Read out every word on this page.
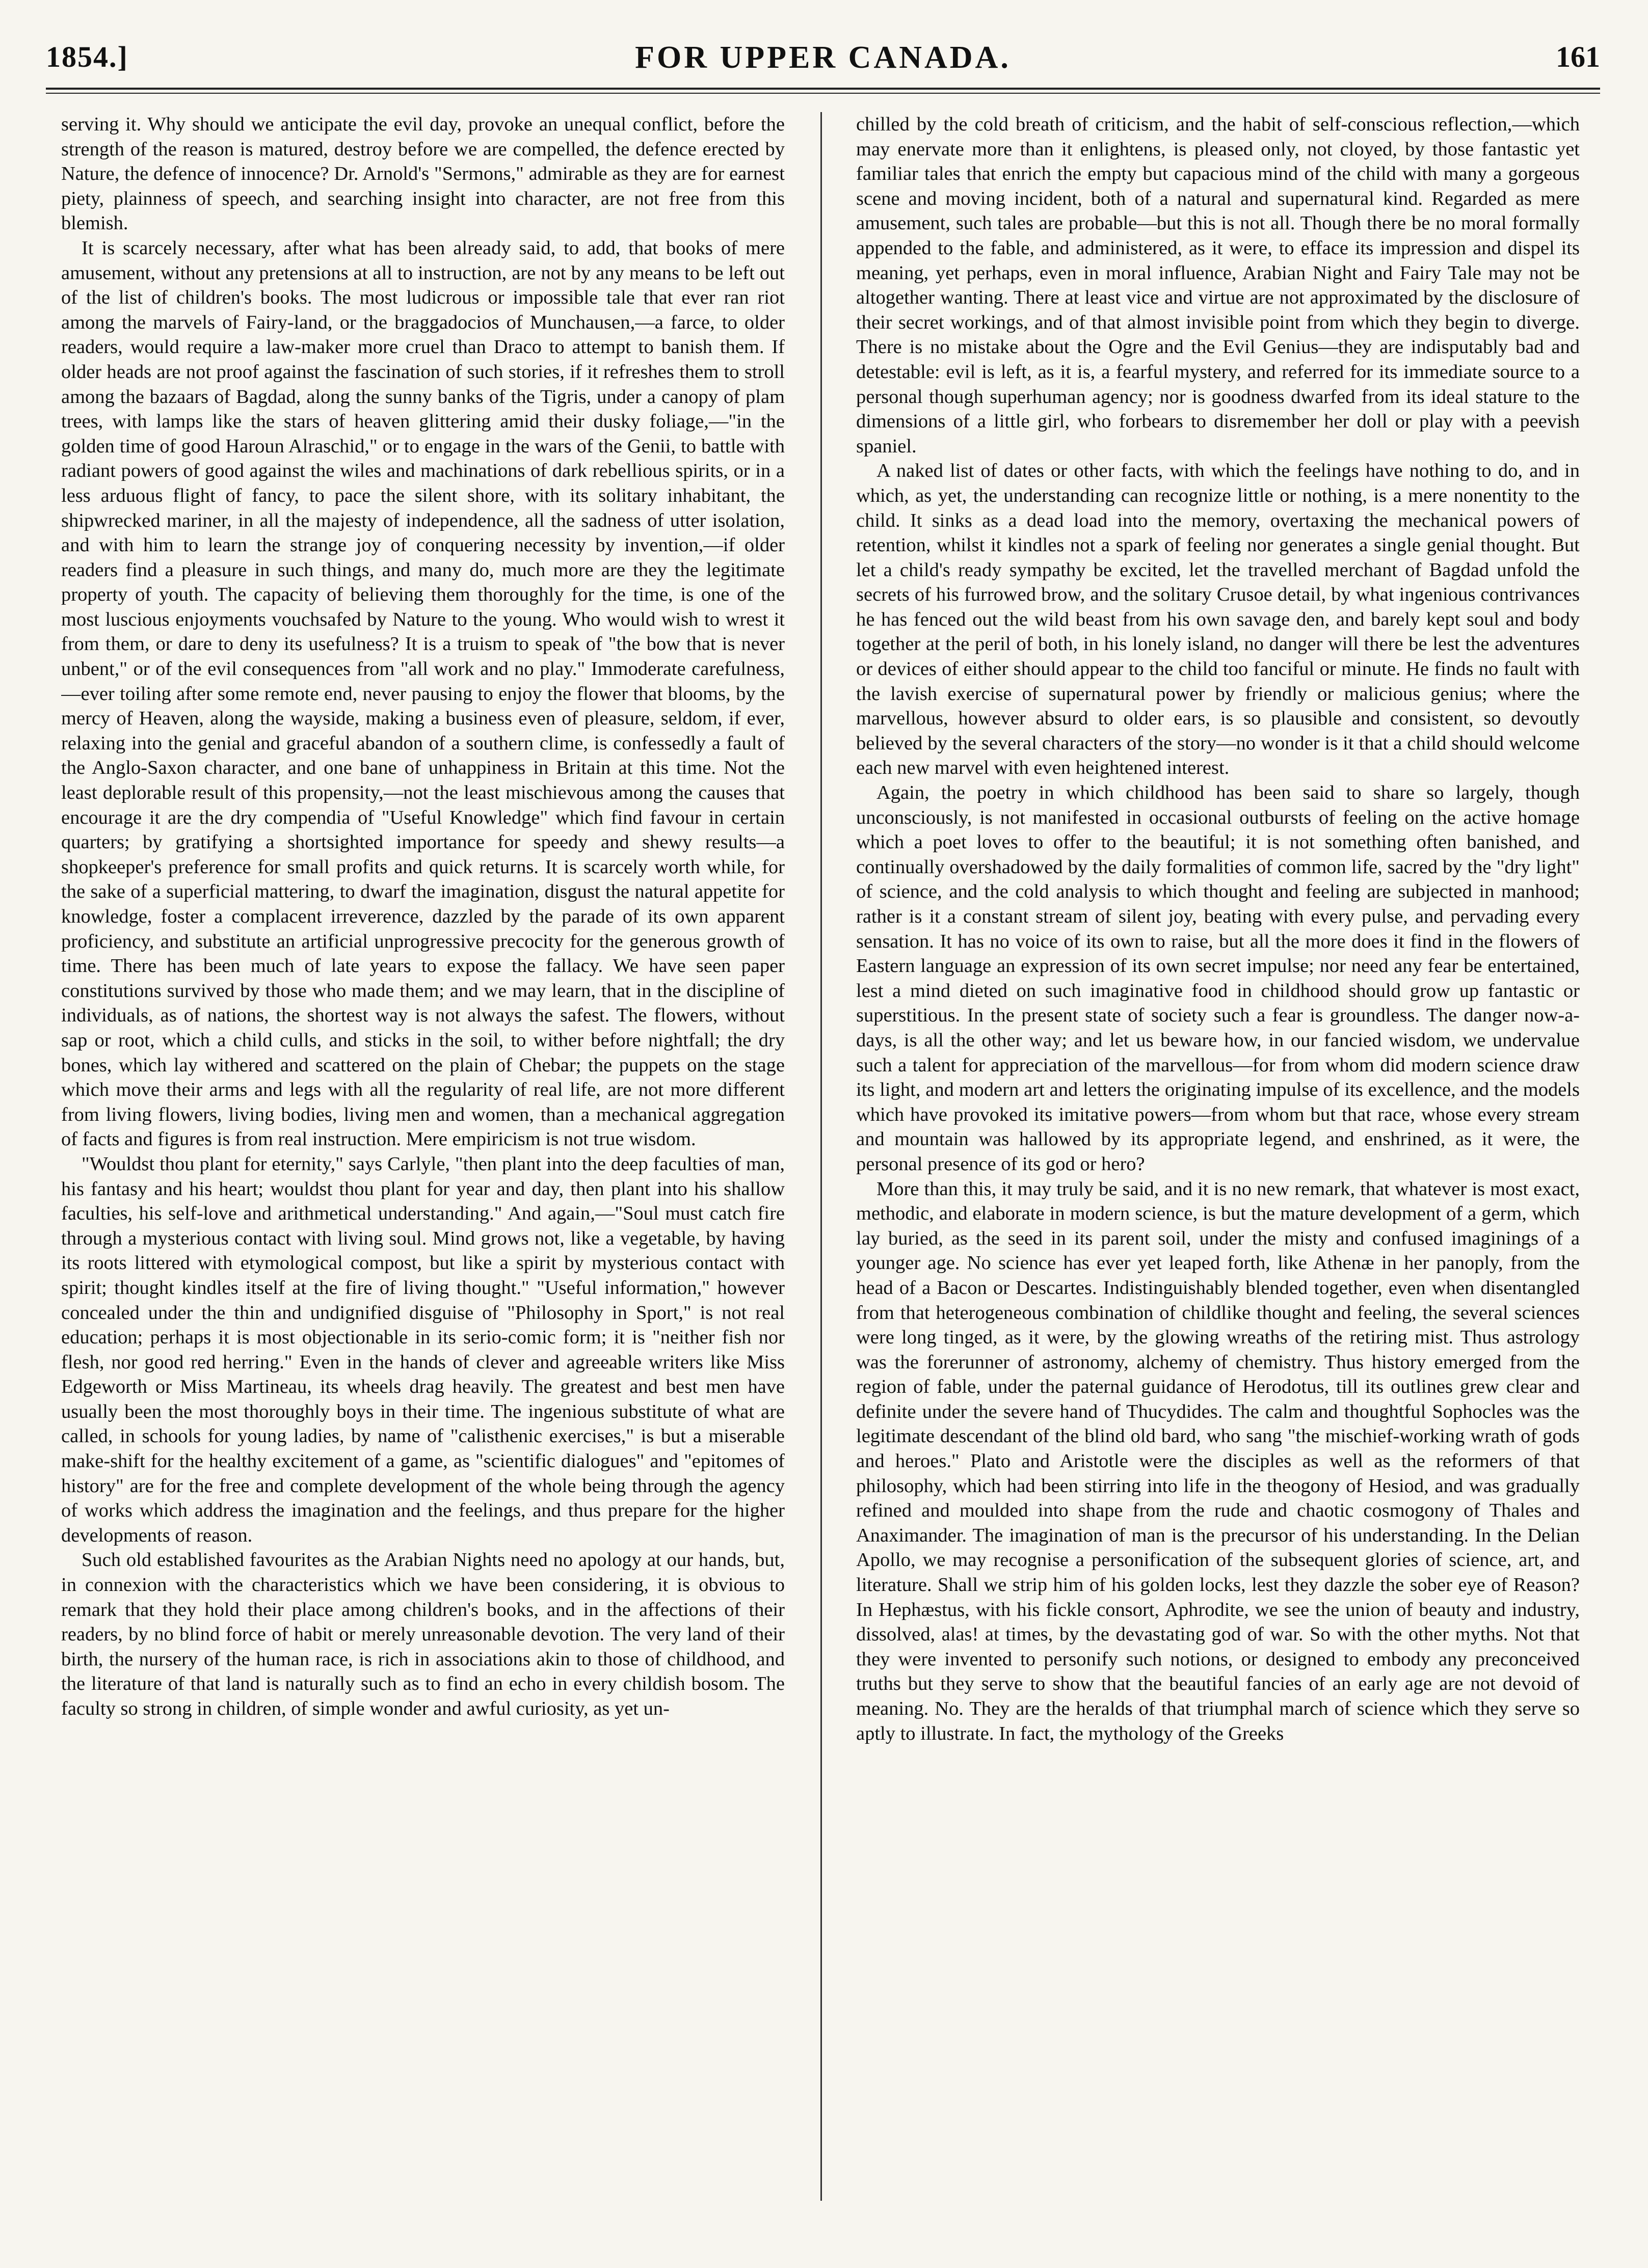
1854.]	FOR UPPER CANADA.	161

serving it. Why should we anticipate the evil day, provoke an unequal conflict, before the strength of the reason is matured, destroy before we are compelled, the defence erected by Nature, the defence of innocence? Dr. Arnold's "Sermons," admirable as they are for earnest piety, plainness of speech, and searching insight into character, are not free from this blemish.

It is scarcely necessary, after what has been already said, to add, that books of mere amusement, without any pretensions at all to instruction, are not by any means to be left out of the list of children's books. The most ludicrous or impossible tale that ever ran riot among the marvels of Fairy-land, or the braggadocios of Munchausen,—a farce, to older readers, would require a law-maker more cruel than Draco to attempt to banish them. If older heads are not proof against the fascination of such stories, if it refreshes them to stroll among the bazaars of Bagdad, along the sunny banks of the Tigris, under a canopy of plam trees, with lamps like the stars of heaven glittering amid their dusky foliage,—"in the golden time of good Haroun Alraschid," or to engage in the wars of the Genii, to battle with radiant powers of good against the wiles and machinations of dark rebellious spirits, or in a less arduous flight of fancy, to pace the silent shore, with its solitary inhabitant, the shipwrecked mariner, in all the majesty of independence, all the sadness of utter isolation, and with him to learn the strange joy of conquering necessity by invention,—if older readers find a pleasure in such things, and many do, much more are they the legitimate property of youth. The capacity of believing them thoroughly for the time, is one of the most luscious enjoyments vouchsafed by Nature to the young. Who would wish to wrest it from them, or dare to deny its usefulness? It is a truism to speak of "the bow that is never unbent," or of the evil consequences from "all work and no play." Immoderate carefulness,—ever toiling after some remote end, never pausing to enjoy the flower that blooms, by the mercy of Heaven, along the wayside, making a business even of pleasure, seldom, if ever, relaxing into the genial and graceful abandon of a southern clime, is confessedly a fault of the Anglo-Saxon character, and one bane of unhappiness in Britain at this time. Not the least deplorable result of this propensity,—not the least mischievous among the causes that encourage it are the dry compendia of "Useful Knowledge" which find favour in certain quarters; by gratifying a shortsighted importance for speedy and shewy results—a shopkeeper's preference for small profits and quick returns. It is scarcely worth while, for the sake of a superficial mattering, to dwarf the imagination, disgust the natural appetite for knowledge, foster a complacent irreverence, dazzled by the parade of its own apparent proficiency, and substitute an artificial unprogressive precocity for the generous growth of time. There has been much of late years to expose the fallacy. We have seen paper constitutions survived by those who made them; and we may learn, that in the discipline of individuals, as of nations, the shortest way is not always the safest. The flowers, without sap or root, which a child culls, and sticks in the soil, to wither before nightfall; the dry bones, which lay withered and scattered on the plain of Chebar; the puppets on the stage which move their arms and legs with all the regularity of real life, are not more different from living flowers, living bodies, living men and women, than a mechanical aggregation of facts and figures is from real instruction. Mere empiricism is not true wisdom.

"Wouldst thou plant for eternity," says Carlyle, "then plant into the deep faculties of man, his fantasy and his heart; wouldst thou plant for year and day, then plant into his shallow faculties, his self-love and arithmetical understanding." And again,—"Soul must catch fire through a mysterious contact with living soul. Mind grows not, like a vegetable, by having its roots littered with etymological compost, but like a spirit by mysterious contact with spirit; thought kindles itself at the fire of living thought." "Useful information," however concealed under the thin and undignified disguise of "Philosophy in Sport," is not real education; perhaps it is most objectionable in its serio-comic form; it is "neither fish nor flesh, nor good red herring." Even in the hands of clever and agreeable writers like Miss Edgeworth or Miss Martineau, its wheels drag heavily. The greatest and best men have usually been the most thoroughly boys in their time. The ingenious substitute of what are called, in schools for young ladies, by name of "calisthenic exercises," is but a miserable make-shift for the healthy excitement of a game, as "scientific dialogues" and "epitomes of history" are for the free and complete development of the whole being through the agency of works which address the imagination and the feelings, and thus prepare for the higher developments of reason.

Such old established favourites as the Arabian Nights need no apology at our hands, but, in connexion with the characteristics which we have been considering, it is obvious to remark that they hold their place among children's books, and in the affections of their readers, by no blind force of habit or merely unreasonable devotion. The very land of their birth, the nursery of the human race, is rich in associations akin to those of childhood, and the literature of that land is naturally such as to find an echo in every childish bosom. The faculty so strong in children, of simple wonder and awful curiosity, as yet un-

chilled by the cold breath of criticism, and the habit of self-conscious reflection,—which may enervate more than it enlightens, is pleased only, not cloyed, by those fantastic yet familiar tales that enrich the empty but capacious mind of the child with many a gorgeous scene and moving incident, both of a natural and supernatural kind. Regarded as mere amusement, such tales are probable—but this is not all. Though there be no moral formally appended to the fable, and administered, as it were, to efface its impression and dispel its meaning, yet perhaps, even in moral influence, Arabian Night and Fairy Tale may not be altogether wanting. There at least vice and virtue are not approximated by the disclosure of their secret workings, and of that almost invisible point from which they begin to diverge. There is no mistake about the Ogre and the Evil Genius—they are indisputably bad and detestable: evil is left, as it is, a fearful mystery, and referred for its immediate source to a personal though superhuman agency; nor is goodness dwarfed from its ideal stature to the dimensions of a little girl, who forbears to disremember her doll or play with a peevish spaniel.

A naked list of dates or other facts, with which the feelings have nothing to do, and in which, as yet, the understanding can recognize little or nothing, is a mere nonentity to the child. It sinks as a dead load into the memory, overtaxing the mechanical powers of retention, whilst it kindles not a spark of feeling nor generates a single genial thought. But let a child's ready sympathy be excited, let the travelled merchant of Bagdad unfold the secrets of his furrowed brow, and the solitary Crusoe detail, by what ingenious contrivances he has fenced out the wild beast from his own savage den, and barely kept soul and body together at the peril of both, in his lonely island, no danger will there be lest the adventures or devices of either should appear to the child too fanciful or minute. He finds no fault with the lavish exercise of supernatural power by friendly or malicious genius; where the marvellous, however absurd to older ears, is so plausible and consistent, so devoutly believed by the several characters of the story—no wonder is it that a child should welcome each new marvel with even heightened interest.

Again, the poetry in which childhood has been said to share so largely, though unconsciously, is not manifested in occasional outbursts of feeling on the active homage which a poet loves to offer to the beautiful; it is not something often banished, and continually overshadowed by the daily formalities of common life, sacred by the "dry light" of science, and the cold analysis to which thought and feeling are subjected in manhood; rather is it a constant stream of silent joy, beating with every pulse, and pervading every sensation. It has no voice of its own to raise, but all the more does it find in the flowers of Eastern language an expression of its own secret impulse; nor need any fear be entertained, lest a mind dieted on such imaginative food in childhood should grow up fantastic or superstitious. In the present state of society such a fear is groundless. The danger now-a-days, is all the other way; and let us beware how, in our fancied wisdom, we undervalue such a talent for appreciation of the marvellous—for from whom did modern science draw its light, and modern art and letters the originating impulse of its excellence, and the models which have provoked its imitative powers—from whom but that race, whose every stream and mountain was hallowed by its appropriate legend, and enshrined, as it were, the personal presence of its god or hero?

More than this, it may truly be said, and it is no new remark, that whatever is most exact, methodic, and elaborate in modern science, is but the mature development of a germ, which lay buried, as the seed in its parent soil, under the misty and confused imaginings of a younger age. No science has ever yet leaped forth, like Athenæ in her panoply, from the head of a Bacon or Descartes. Indistinguishably blended together, even when disentangled from that heterogeneous combination of childlike thought and feeling, the several sciences were long tinged, as it were, by the glowing wreaths of the retiring mist. Thus astrology was the forerunner of astronomy, alchemy of chemistry. Thus history emerged from the region of fable, under the paternal guidance of Herodotus, till its outlines grew clear and definite under the severe hand of Thucydides. The calm and thoughtful Sophocles was the legitimate descendant of the blind old bard, who sang "the mischief-working wrath of gods and heroes." Plato and Aristotle were the disciples as well as the reformers of that philosophy, which had been stirring into life in the theogony of Hesiod, and was gradually refined and moulded into shape from the rude and chaotic cosmogony of Thales and Anaximander. The imagination of man is the precursor of his understanding. In the Delian Apollo, we may recognise a personification of the subsequent glories of science, art, and literature. Shall we strip him of his golden locks, lest they dazzle the sober eye of Reason? In Hephæstus, with his fickle consort, Aphrodite, we see the union of beauty and industry, dissolved, alas! at times, by the devastating god of war. So with the other myths. Not that they were invented to personify such notions, or designed to embody any preconceived truths but they serve to show that the beautiful fancies of an early age are not devoid of meaning. No. They are the heralds of that triumphal march of science which they serve so aptly to illustrate. In fact, the mythology of the Greeks
